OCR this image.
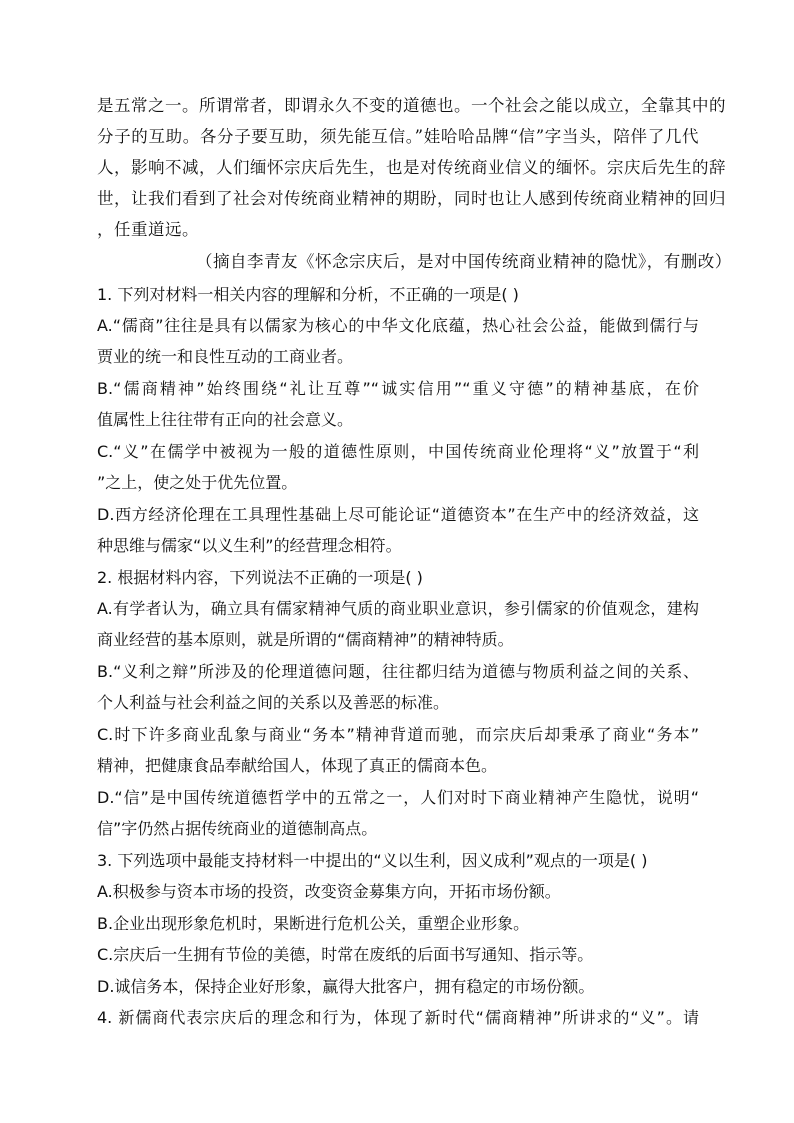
是五常之一。所谓常者，即谓永久不变的道德也。一个社会之能以成立，全靠其中的
分子的互助。各分子要互助，须先能互信。”娃哈哈品牌“信”字当头，陪伴了几代
人，影响不减，人们缅怀宗庆后先生，也是对传统商业信义的缅怀。宗庆后先生的辞
世，让我们看到了社会对传统商业精神的期盼，同时也让人感到传统商业精神的回归
，任重道远。
（摘自李青友《怀念宗庆后，是对中国传统商业精神的隐忧》，有删改）
1. 下列对材料一相关内容的理解和分析，不正确的一项是( )
A.“儒商”往往是具有以儒家为核心的中华文化底蕴，热心社会公益，能做到儒行与
贾业的统一和良性互动的工商业者。
B.“儒商精神”始终围绕“礼让互尊”“诚实信用”“重义守德”的精神基底，在价
值属性上往往带有正向的社会意义。
C.“义”在儒学中被视为一般的道德性原则，中国传统商业伦理将“义”放置于“利
”之上，使之处于优先位置。
D.西方经济伦理在工具理性基础上尽可能论证“道德资本”在生产中的经济效益，这
种思维与儒家“以义生利”的经营理念相符。
2. 根据材料内容，下列说法不正确的一项是( )
A.有学者认为，确立具有儒家精神气质的商业职业意识，参引儒家的价值观念，建构
商业经营的基本原则，就是所谓的“儒商精神”的精神特质。
B.“义利之辩”所涉及的伦理道德问题，往往都归结为道德与物质利益之间的关系、
个人利益与社会利益之间的关系以及善恶的标准。
C.时下许多商业乱象与商业“务本”精神背道而驰，而宗庆后却秉承了商业“务本”
精神，把健康食品奉献给国人，体现了真正的儒商本色。
D.“信”是中国传统道德哲学中的五常之一，人们对时下商业精神产生隐忧，说明“
信”字仍然占据传统商业的道德制高点。
3. 下列选项中最能支持材料一中提出的“义以生利，因义成利”观点的一项是( )
A.积极参与资本市场的投资，改变资金募集方向，开拓市场份额。
B.企业出现形象危机时，果断进行危机公关，重塑企业形象。
C.宗庆后一生拥有节俭的美德，时常在废纸的后面书写通知、指示等。
D.诚信务本，保持企业好形象，赢得大批客户，拥有稳定的市场份额。
4. 新儒商代表宗庆后的理念和行为，体现了新时代“儒商精神”所讲求的“义”。请
